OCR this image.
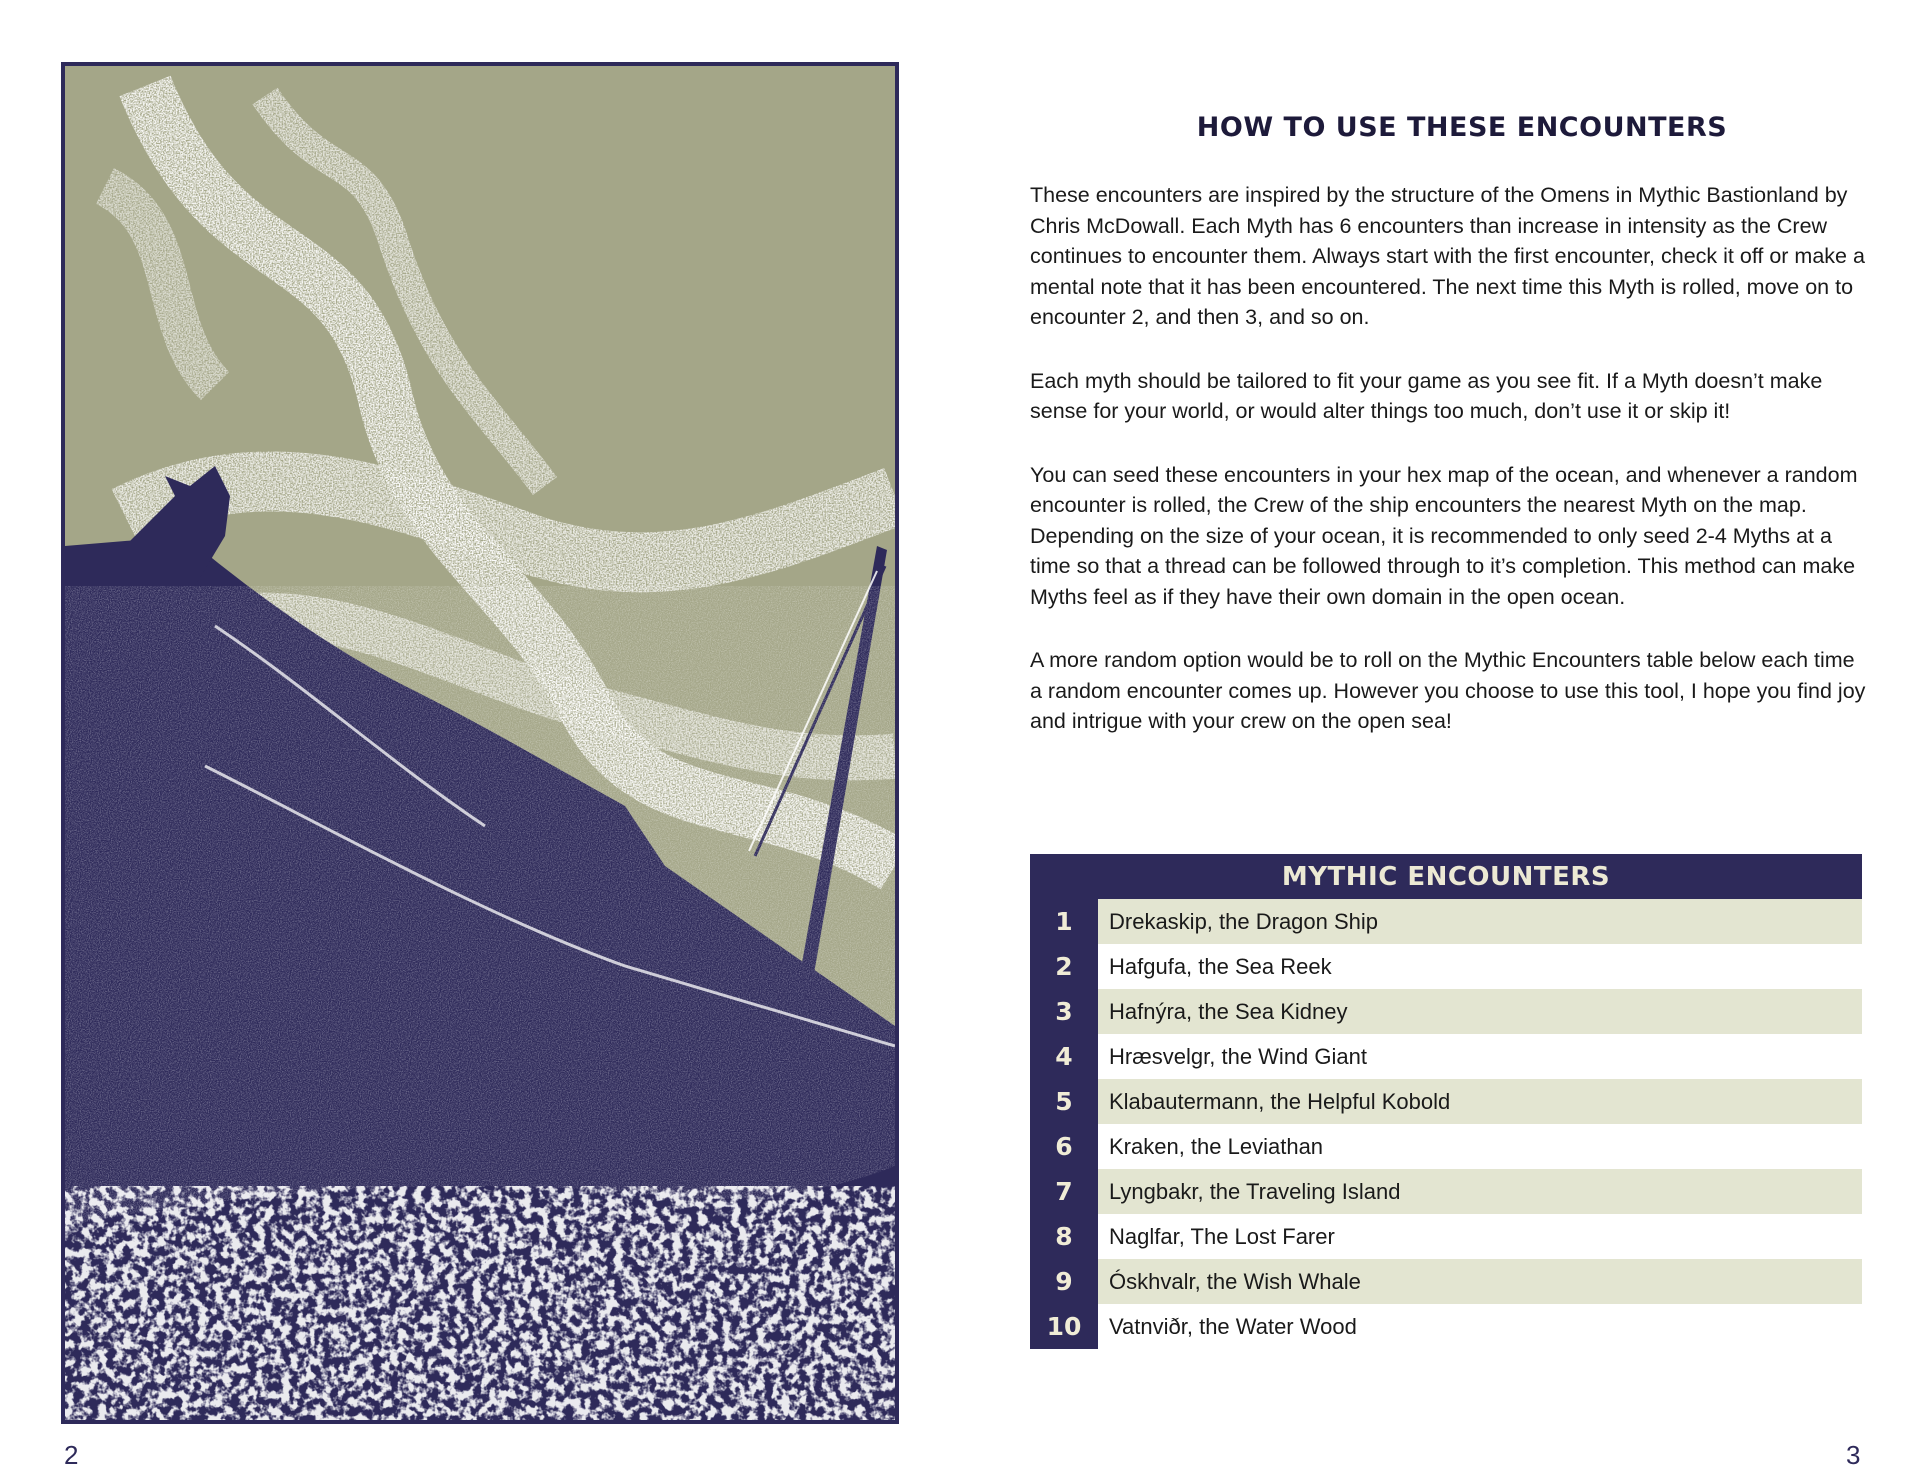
2
HOW TO USE THESE ENCOUNTERS

These encounters are inspired by the structure of the Omens in Mythic Bastionland by Chris McDowall. Each Myth has 6 encounters than increase in intensity as the Crew continues to encounter them. Always start with the first encounter, check it off or make a mental note that it has been encountered. The next time this Myth is rolled, move on to encounter 2, and then 3, and so on.

Each myth should be tailored to fit your game as you see fit. If a Myth doesn’t make sense for your world, or would alter things too much, don’t use it or skip it!

You can seed these encounters in your hex map of the ocean, and whenever a random encounter is rolled, the Crew of the ship encounters the nearest Myth on the map. Depending on the size of your ocean, it is recommended to only seed 2-4 Myths at a time so that a thread can be followed through to it’s completion. This method can make Myths feel as if they have their own domain in the open ocean.

A more random option would be to roll on the Mythic Encounters table below each time a random encounter comes up. However you choose to use this tool, I hope you find joy and intrigue with your crew on the open sea!

MYTHIC ENCOUNTERS
1	Drekaskip, the Dragon Ship
2	Hafgufa, the Sea Reek
3	Hafnýra, the Sea Kidney
4	Hræsvelgr, the Wind Giant
5	Klabautermann, the Helpful Kobold
6	Kraken, the Leviathan
7	Lyngbakr, the Traveling Island
8	Naglfar, The Lost Farer
9	Óskhvalr, the Wish Whale
10	Vatnviðr, the Water Wood
3
